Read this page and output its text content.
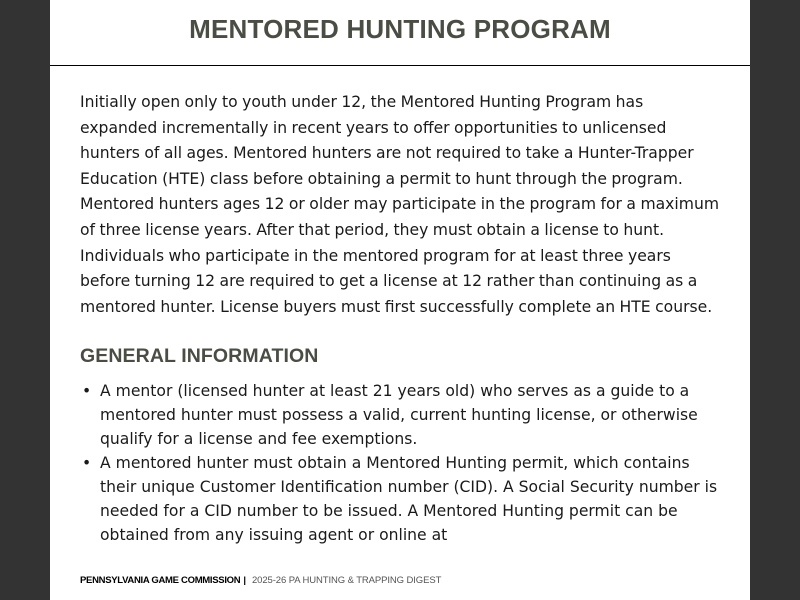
MENTORED HUNTING PROGRAM

Initially open only to youth under 12, the Mentored Hunting Program has expanded incrementally in recent years to offer opportunities to unlicensed hunters of all ages. Mentored hunters are not required to take a Hunter-Trapper Education (HTE) class before obtaining a permit to hunt through the program. Mentored hunters ages 12 or older may participate in the program for a maximum of three license years. After that period, they must obtain a license to hunt. Individuals who participate in the mentored program for at least three years before turning 12 are required to get a license at 12 rather than continuing as a mentored hunter. License buyers must first successfully complete an HTE course.

GENERAL INFORMATION
• A mentor (licensed hunter at least 21 years old) who serves as a guide to a mentored hunter must possess a valid, current hunting license, or otherwise qualify for a license and fee exemptions.
• A mentored hunter must obtain a Mentored Hunting permit, which contains their unique Customer Identification number (CID). A Social Security number is needed for a CID number to be issued. A Mentored Hunting permit can be obtained from any issuing agent or online at
PENNSYLVANIA GAME COMMISSION | 2025-26 PA HUNTING & TRAPPING DIGEST
